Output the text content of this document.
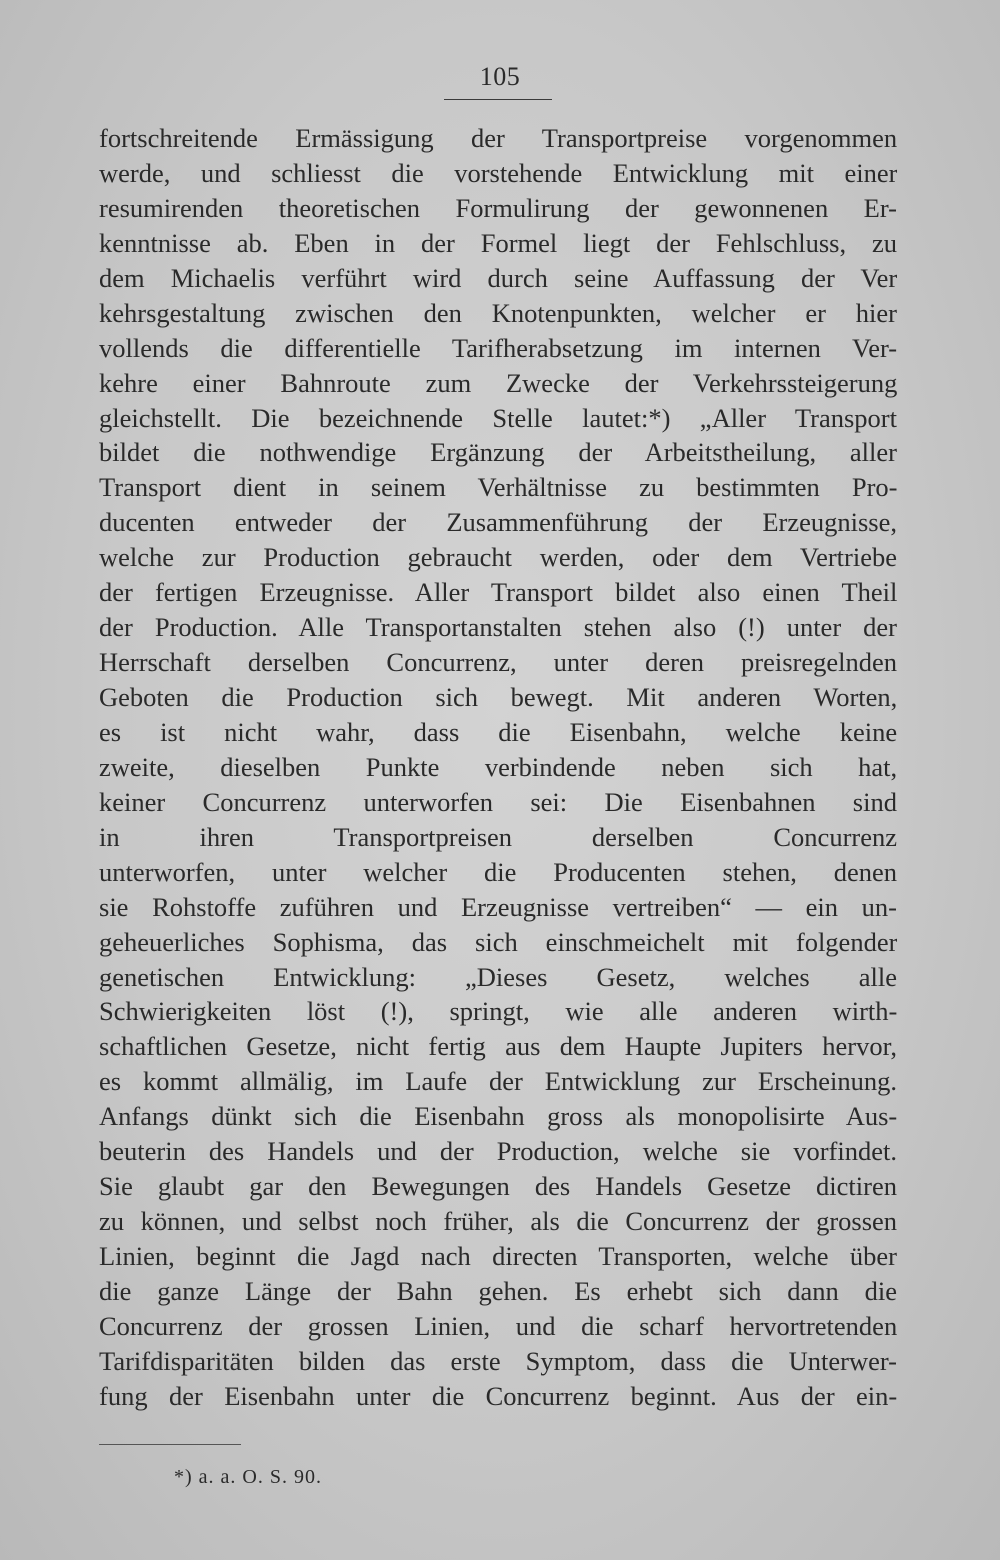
105
fortschreitende Ermässigung der Transportpreise vorgenommen
werde, und schliesst die vorstehende Entwicklung mit einer
resumirenden theoretischen Formulirung der gewonnenen Er-
kenntnisse ab. Eben in der Formel liegt der Fehlschluss, zu
dem Michaelis verführt wird durch seine Auffassung der Ver
kehrsgestaltung zwischen den Knotenpunkten, welcher er hier
vollends die differentielle Tarifherabsetzung im internen Ver-
kehre einer Bahnroute zum Zwecke der Verkehrssteigerung
gleichstellt. Die bezeichnende Stelle lautet:*) „Aller Transport
bildet die nothwendige Ergänzung der Arbeitstheilung, aller
Transport dient in seinem Verhältnisse zu bestimmten Pro-
ducenten entweder der Zusammenführung der Erzeugnisse,
welche zur Production gebraucht werden, oder dem Vertriebe
der fertigen Erzeugnisse. Aller Transport bildet also einen Theil
der Production. Alle Transportanstalten stehen also (!) unter der
Herrschaft derselben Concurrenz, unter deren preisregelnden
Geboten die Production sich bewegt. Mit anderen Worten,
es ist nicht wahr, dass die Eisenbahn, welche keine
zweite, dieselben Punkte verbindende neben sich hat,
keiner Concurrenz unterworfen sei: Die Eisenbahnen sind
in ihren Transportpreisen derselben Concurrenz
unterworfen, unter welcher die Producenten stehen, denen
sie Rohstoffe zuführen und Erzeugnisse vertreiben“ — ein un-
geheuerliches Sophisma, das sich einschmeichelt mit folgender
genetischen Entwicklung: „Dieses Gesetz, welches alle
Schwierigkeiten löst (!), springt, wie alle anderen wirth-
schaftlichen Gesetze, nicht fertig aus dem Haupte Jupiters hervor,
es kommt allmälig, im Laufe der Entwicklung zur Erscheinung.
Anfangs dünkt sich die Eisenbahn gross als monopolisirte Aus-
beuterin des Handels und der Production, welche sie vorfindet.
Sie glaubt gar den Bewegungen des Handels Gesetze dictiren
zu können, und selbst noch früher, als die Concurrenz der grossen
Linien, beginnt die Jagd nach directen Transporten, welche über
die ganze Länge der Bahn gehen. Es erhebt sich dann die
Concurrenz der grossen Linien, und die scharf hervortretenden
Tarifdisparitäten bilden das erste Symptom, dass die Unterwer-
fung der Eisenbahn unter die Concurrenz beginnt. Aus der ein-
*) a. a. O. S. 90.
